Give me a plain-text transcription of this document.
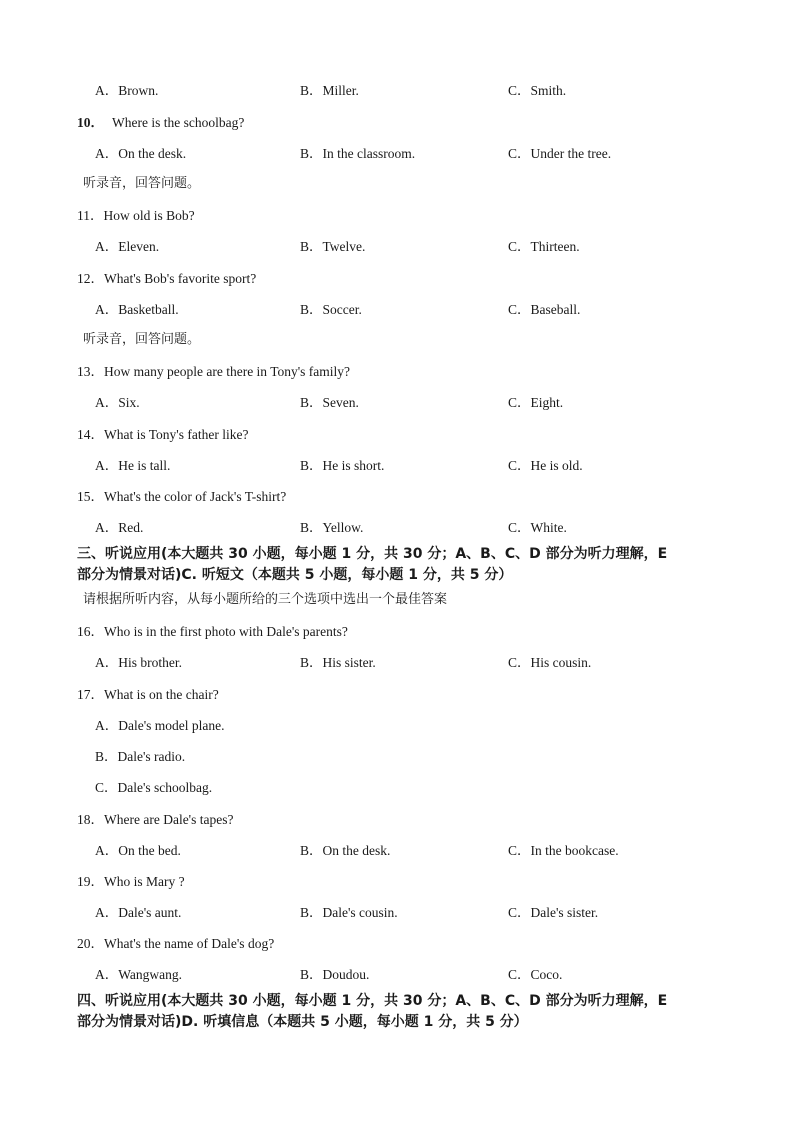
A．Brown.	B．Miller.	C．Smith.
10． Where is the schoolbag?
A．On the desk.	B．In the classroom.	C．Under the tree.
听录音，回答问题。
11．How old is Bob?
A．Eleven.	B．Twelve.	C．Thirteen.
12．What's Bob's favorite sport?
A．Basketball.	B．Soccer.	C．Baseball.
听录音，回答问题。
13．How many people are there in Tony's family?
A．Six.	B．Seven.	C．Eight.
14．What is Tony's father like?
A．He is tall.	B．He is short.	C．He is old.
15．What's the color of Jack's T-shirt?
A．Red.	B．Yellow.	C．White.
三、听说应用(本大题共 30 小题，每小题 1 分，共 30 分；A、B、C、D 部分为听力理解，E
部分为情景对话)C. 听短文（本题共 5 小题，每小题 1 分，共 5 分）
请根据所听内容，从每小题所给的三个选项中选出一个最佳答案
16．Who is in the first photo with Dale's parents?
A．His brother.	B．His sister.	C．His cousin.
17．What is on the chair?
A．Dale's model plane.
B．Dale's radio.
C．Dale's schoolbag.
18．Where are Dale's tapes?
A．On the bed.	B．On the desk.	C．In the bookcase.
19．Who is Mary ?
A．Dale's aunt.	B．Dale's cousin.	C．Dale's sister.
20．What's the name of Dale's dog?
A．Wangwang.	B．Doudou.	C．Coco.
四、听说应用(本大题共 30 小题，每小题 1 分，共 30 分；A、B、C、D 部分为听力理解，E
部分为情景对话)D. 听填信息（本题共 5 小题，每小题 1 分，共 5 分）
